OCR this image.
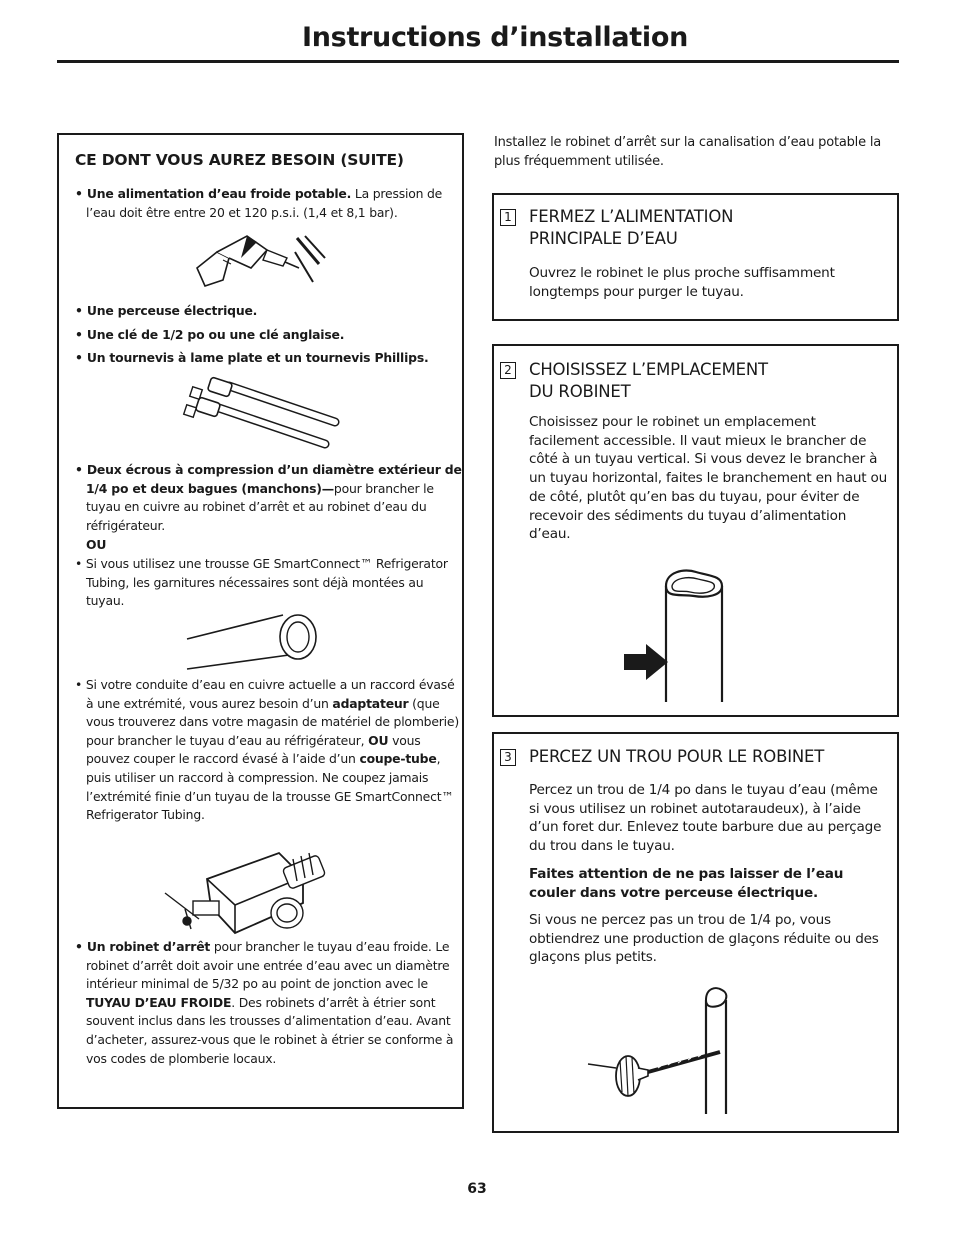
Instructions d’installation
CE DONT VOUS AUREZ BESOIN (SUITE)

• Une alimentation d’eau froide potable. La pression de l’eau doit être entre 20 et 120 p.s.i. (1,4 et 8,1 bar).

• Une perceuse électrique.

• Une clé de 1/2 po ou une clé anglaise.

• Un tournevis à lame plate et un tournevis Phillips.

• Deux écrous à compression d’un diamètre extérieur de 1/4 po et deux bagues (manchons)—pour brancher le tuyau en cuivre au robinet d’arrêt et au robinet d’eau du réfrigérateur.

OU

• Si vous utilisez une trousse GE SmartConnect™ Refrigerator Tubing, les garnitures nécessaires sont déjà montées au tuyau.

• Si votre conduite d’eau en cuivre actuelle a un raccord évasé à une extrémité, vous aurez besoin d’un adaptateur (que vous trouverez dans votre magasin de matériel de plomberie) pour brancher le tuyau d’eau au réfrigérateur, OU vous pouvez couper le raccord évasé à l’aide d’un coupe-tube, puis utiliser un raccord à compression. Ne coupez jamais l’extrémité finie d’un tuyau de la trousse GE SmartConnect™ Refrigerator Tubing.

• Un robinet d’arrêt pour brancher le tuyau d’eau froide. Le robinet d’arrêt doit avoir une entrée d’eau avec un diamètre intérieur minimal de 5/32 po au point de jonction avec le TUYAU D’EAU FROIDE. Des robinets d’arrêt à étrier sont souvent inclus dans les trousses d’alimentation d’eau. Avant d’acheter, assurez-vous que le robinet à étrier se conforme à vos codes de plomberie locaux.

Installez le robinet d’arrêt sur la canalisation d’eau potable la plus fréquemment utilisée.

1 FERMEZ L’ALIMENTATION
PRINCIPALE D’EAU

Ouvrez le robinet le plus proche suffisamment longtemps pour purger le tuyau.

2 CHOISISSEZ L’EMPLACEMENT
DU ROBINET

Choisissez pour le robinet un emplacement facilement accessible. Il vaut mieux le brancher de côté à un tuyau vertical. Si vous devez le brancher à un tuyau horizontal, faites le branchement en haut ou de côté, plutôt qu’en bas du tuyau, pour éviter de recevoir des sédiments du tuyau d’alimentation d’eau.

3 PERCEZ UN TROU POUR LE ROBINET

Percez un trou de 1/4 po dans le tuyau d’eau (même si vous utilisez un robinet autotaraudeux), à l’aide d’un foret dur. Enlevez toute barbure due au perçage du trou dans le tuyau.

Faites attention de ne pas laisser de l’eau couler dans votre perceuse électrique.

Si vous ne percez pas un trou de 1/4 po, vous obtiendrez une production de glaçons réduite ou des glaçons plus petits.

63
